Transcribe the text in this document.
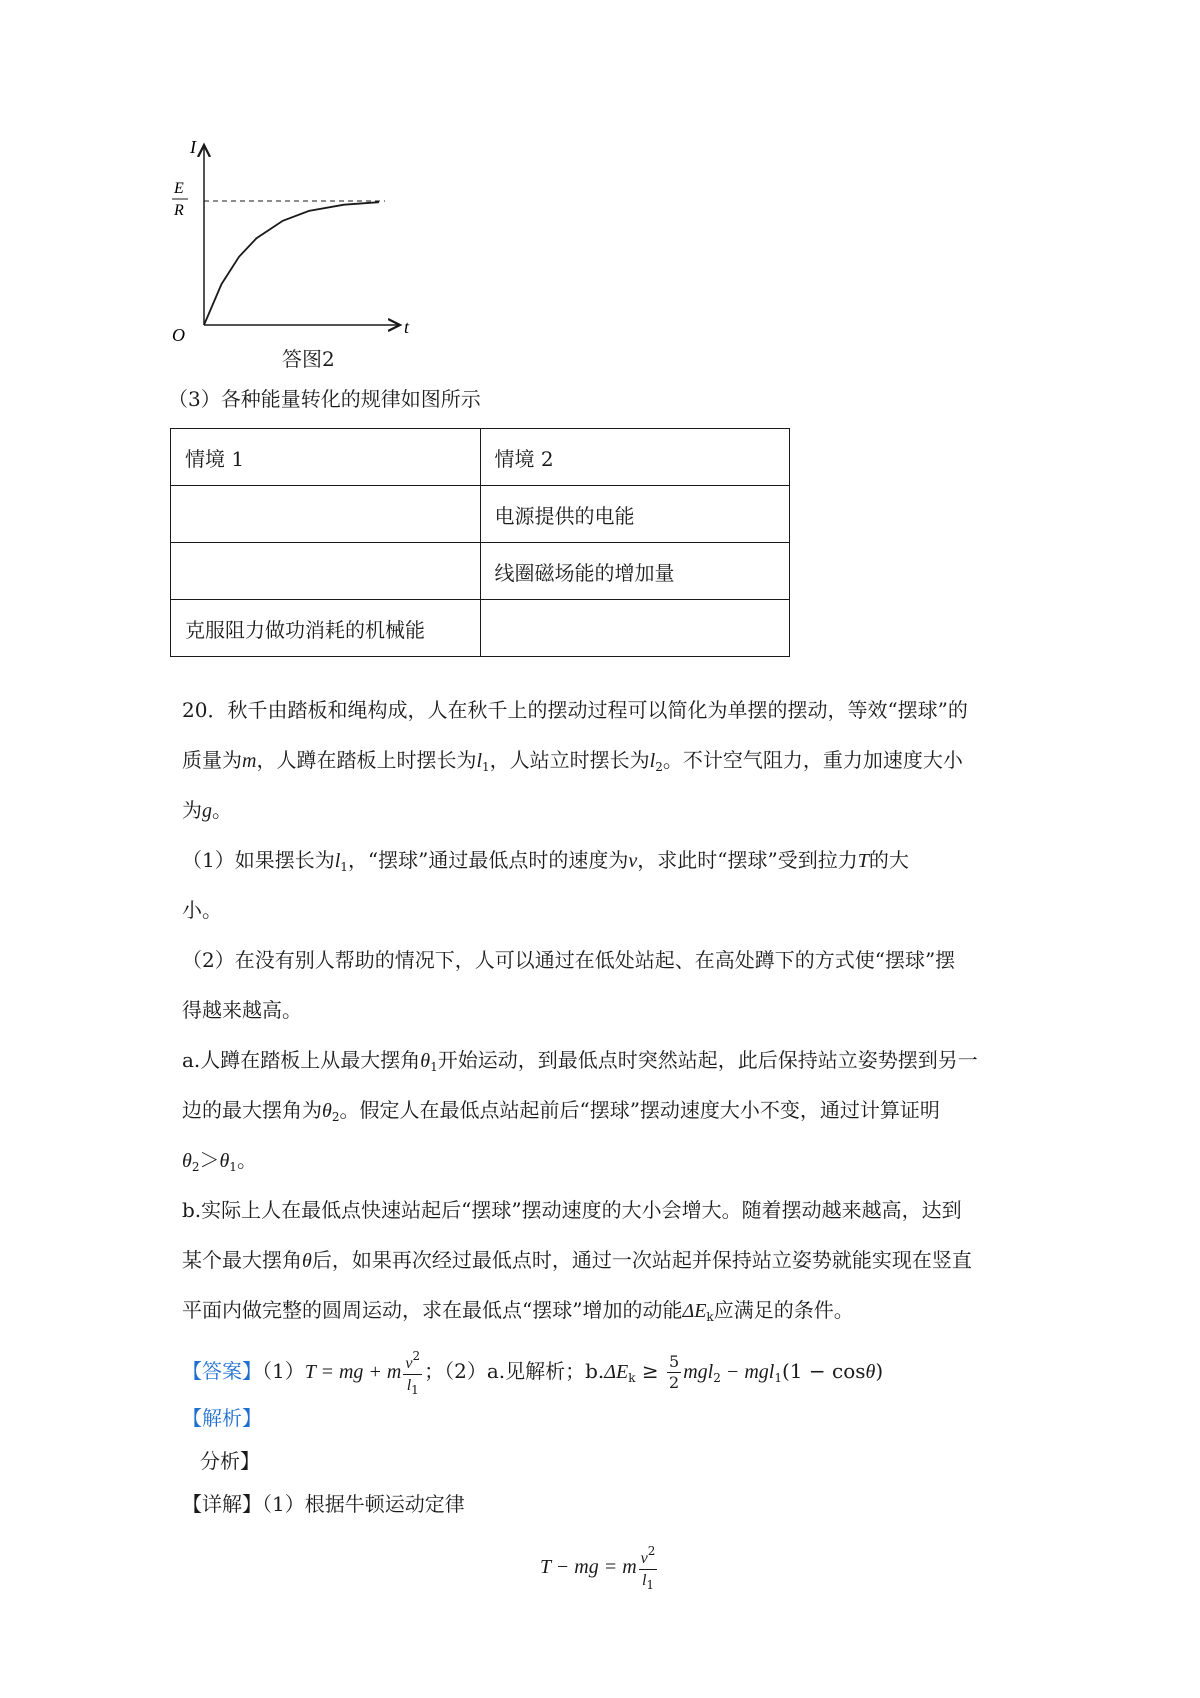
I
t
O
E
R
答图2
（3）各种能量转化的规律如图所示
情境 1	情境 2
	电源提供的电能
	线圈磁场能的增加量
克服阻力做功消耗的机械能	
20．秋千由踏板和绳构成，人在秋千上的摆动过程可以简化为单摆的摆动，等效“摆球”的
质量为m，人蹲在踏板上时摆长为$l_1$，人站立时摆长为$l_2$。不计空气阻力，重力加速度大小
为g。
（1）如果摆长为$l_1$，“摆球”通过最低点时的速度为v，求此时“摆球”受到拉力T的大
小。
（2）在没有别人帮助的情况下，人可以通过在低处站起、在高处蹲下的方式使“摆球”摆
得越来越高。
a.人蹲在踏板上从最大摆角$\theta_1$开始运动，到最低点时突然站起，此后保持站立姿势摆到另一
边的最大摆角为$\theta_2$。假定人在最低点站起前后“摆球”摆动速度大小不变，通过计算证明
$\theta_2>\theta_1$。
b.实际上人在最低点快速站起后“摆球”摆动速度的大小会增大。随着摆动越来越高，达到
某个最大摆角θ后，如果再次经过最低点时，通过一次站起并保持站立姿势就能实现在竖直
平面内做完整的圆周运动，求在最低点“摆球”增加的动能$\Delta E_k$应满足的条件。
【答案】（1）T = mg + m $\frac{v^2}{l_1}$ ；（2）a.见解析；$b.\Delta E_k \ge \frac{5}{2} mgl_2 - mgl_1(1 - \cos\theta)$
【解析】
分析】
【详解】（1）根据牛顿运动定律
T − mg = m $\frac{v^2}{l_1}$
